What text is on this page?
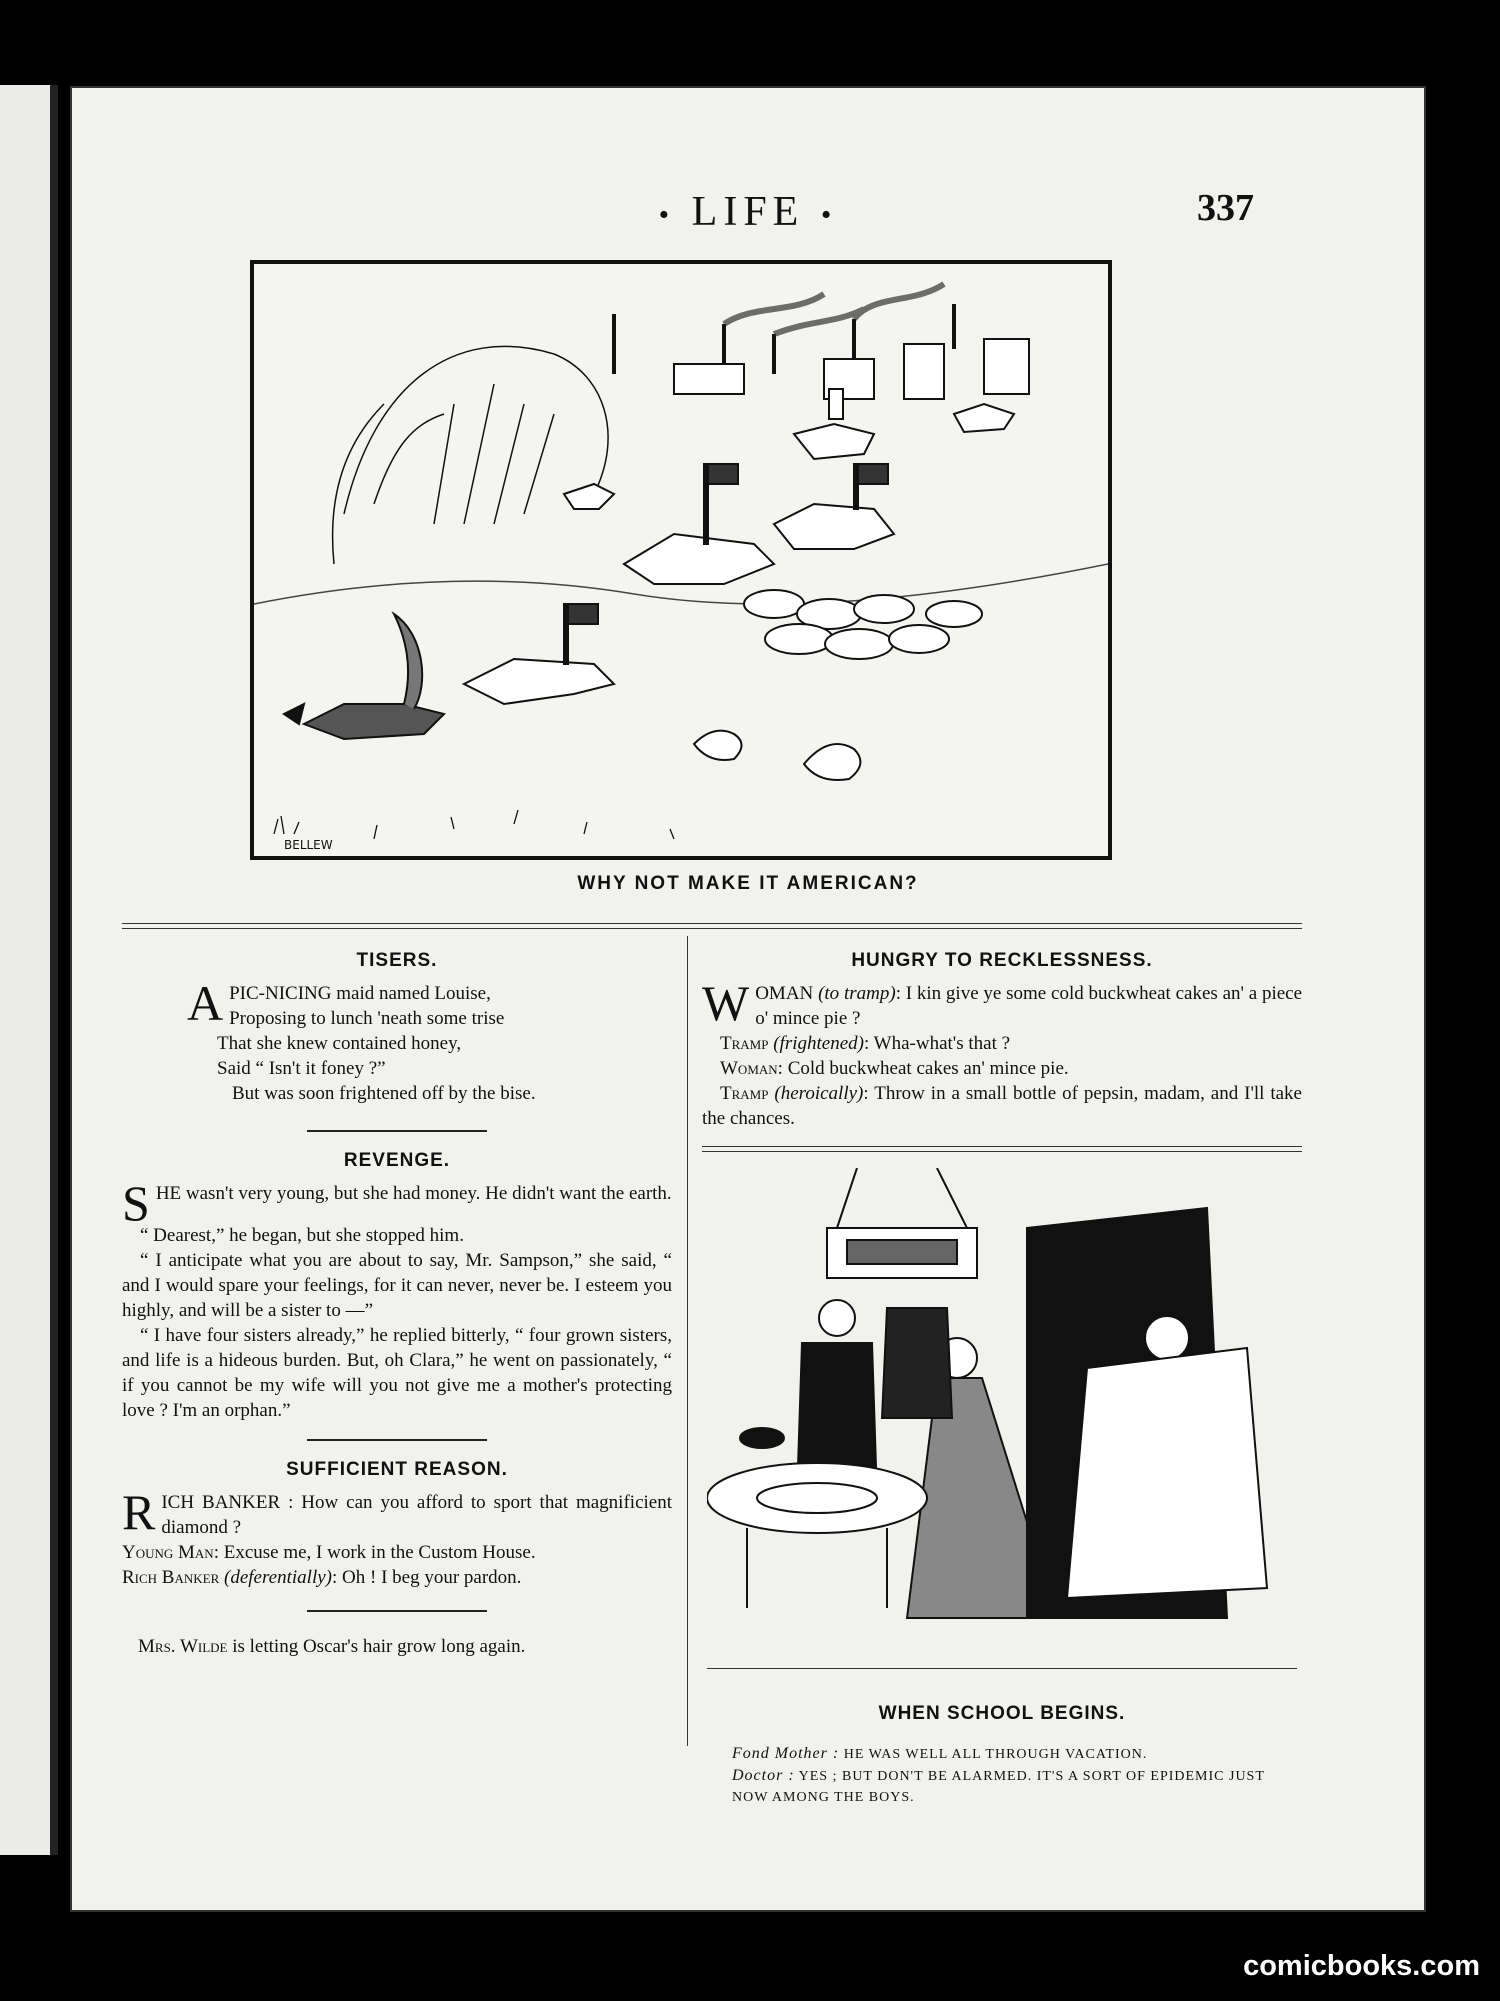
• LIFE •	337
BELLEW
WHY NOT MAKE IT AMERICAN?
TISERS.
A PIC-NICING maid named Louise,

Proposing to lunch 'neath some trise

That she knew contained honey,

Said “ Isn't it foney ?”

But was soon frightened off by the bise.

REVENGE.
S HE wasn't very young, but she had money. He didn't want the earth.

“ Dearest,” he began, but she stopped him.

“ I anticipate what you are about to say, Mr. Sampson,” she said, “ and I would spare your feelings, for it can never, never be. I esteem you highly, and will be a sister to —”

“ I have four sisters already,” he replied bitterly, “ four grown sisters, and life is a hideous burden. But, oh Clara,” he went on passionately, “ if you cannot be my wife will you not give me a mother's protecting love ? I'm an orphan.”

SUFFICIENT REASON.
R ICH BANKER : How can you afford to sport that magnificient diamond ?

Young Man: Excuse me, I work in the Custom House.

Rich Banker (deferentially): Oh ! I beg your pardon.

Mrs. Wilde is letting Oscar's hair grow long again.

HUNGRY TO RECKLESSNESS.
W OMAN (to tramp): I kin give ye some cold buckwheat cakes an' a piece o' mince pie ?

Tramp (frightened): Wha-what's that ?

Woman: Cold buckwheat cakes an' mince pie.

Tramp (heroically): Throw in a small bottle of pepsin, madam, and I'll take the chances.

WHEN SCHOOL BEGINS.

Fond Mother : HE WAS WELL ALL THROUGH VACATION.

Doctor : YES ; BUT DON'T BE ALARMED. IT'S A SORT OF EPIDEMIC JUST NOW AMONG THE BOYS.

comicbooks.com
